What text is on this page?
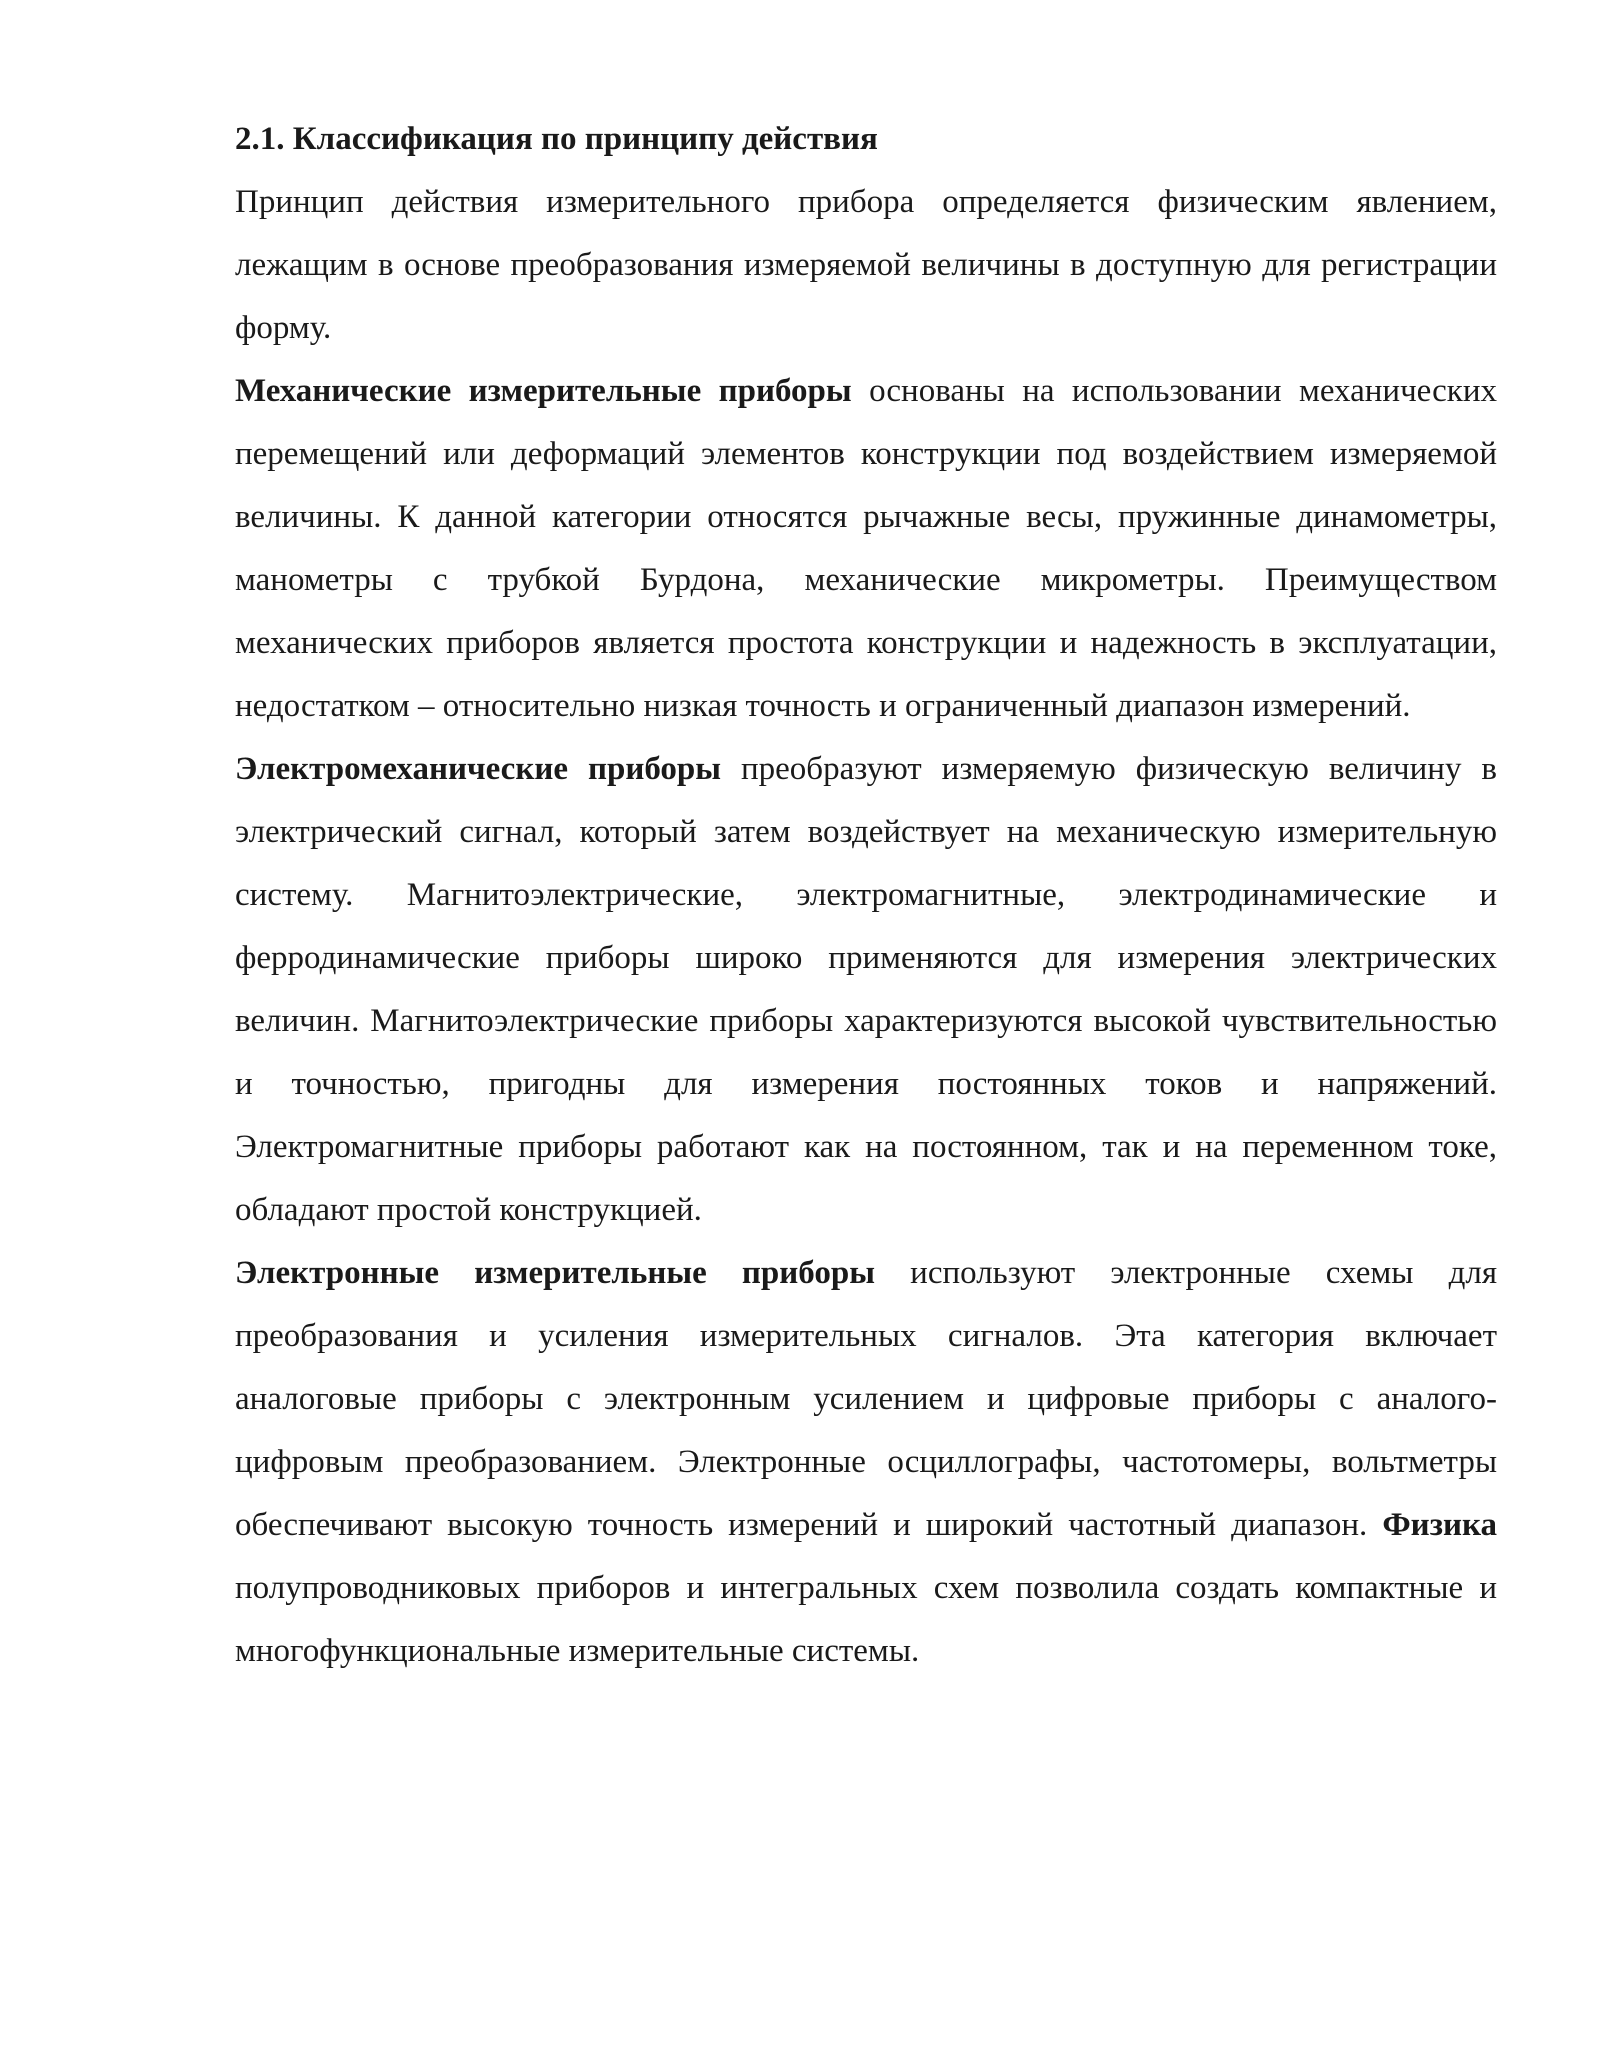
2.1. Классификация по принципу действия

Принцип действия измерительного прибора определяется физическим явлением, лежащим в основе преобразования измеряемой величины в доступную для регистрации форму.

Механические измерительные приборы основаны на использовании механических перемещений или деформаций элементов конструкции под воздействием измеряемой величины. К данной категории относятся рычажные весы, пружинные динамометры, манометры с трубкой Бурдона, механические микрометры. Преимуществом механических приборов является простота конструкции и надежность в эксплуатации, недостатком – относительно низкая точность и ограниченный диапазон измерений.

Электромеханические приборы преобразуют измеряемую физическую величину в электрический сигнал, который затем воздействует на механическую измерительную систему. Магнитоэлектрические, электромагнитные, электродинамические и ферродинамические приборы широко применяются для измерения электрических величин. Магнитоэлектрические приборы характеризуются высокой чувствительностью и точностью, пригодны для измерения постоянных токов и напряжений. Электромагнитные приборы работают как на постоянном, так и на переменном токе, обладают простой конструкцией.

Электронные измерительные приборы используют электронные схемы для преобразования и усиления измерительных сигналов. Эта категория включает аналоговые приборы с электронным усилением и цифровые приборы с аналого-цифровым преобразованием. Электронные осциллографы, частотомеры, вольтметры обеспечивают высокую точность измерений и широкий частотный диапазон. Физика полупроводниковых приборов и интегральных схем позволила создать компактные и многофункциональные измерительные системы.
